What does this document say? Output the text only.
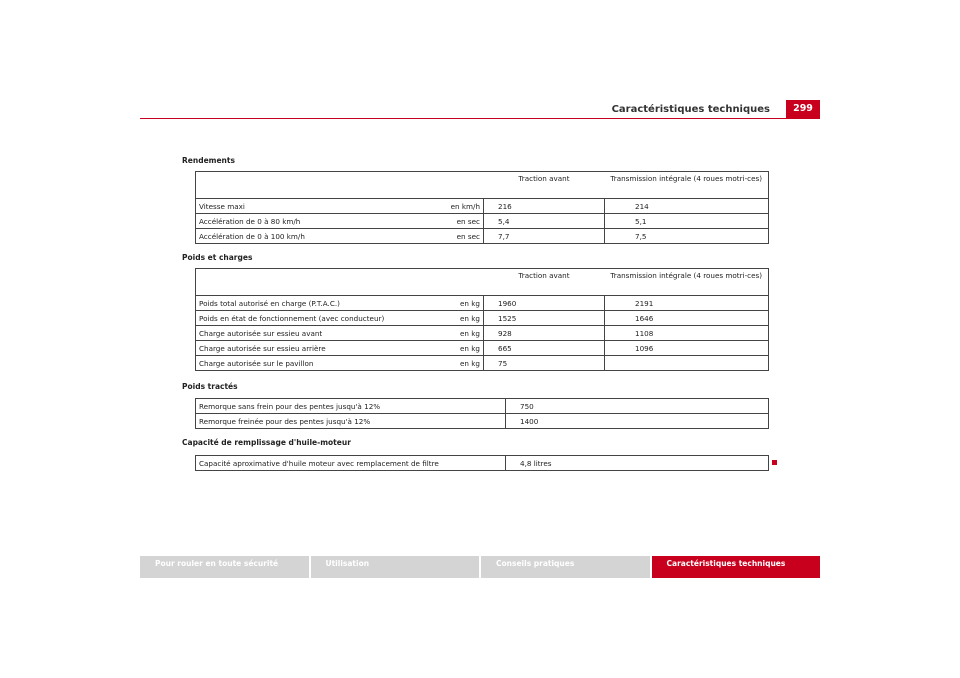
Caractéristiques techniques	299
Rendements
	Traction avant	Transmission intégrale (4 roues motri-ces)

Vitesse maxi en km/h	216	214

Accélération de 0 à 80 km/h en sec	5,4	5,1

Accélération de 0 à 100 km/h en sec	7,7	7,5
Poids et charges
	Traction avant	Transmission intégrale (4 roues motri-ces)

Poids total autorisé en charge (P.T.A.C.) en kg	1960	2191

Poids en état de fonctionnement (avec conducteur) en kg	1525	1646

Charge autorisée sur essieu avant en kg	928	1108

Charge autorisée sur essieu arrière en kg	665	1096

Charge autorisée sur le pavillon en kg	75	
Poids tractés
Remorque sans frein pour des pentes jusqu'à 12%	750
Remorque freinée pour des pentes jusqu'à 12%	1400
Capacité de remplissage d'huile-moteur
Capacité aproximative d'huile moteur avec remplacement de filtre	4,8 litres
Pour rouler en toute sécurité	Utilisation	Conseils pratiques	Caractéristiques techniques
